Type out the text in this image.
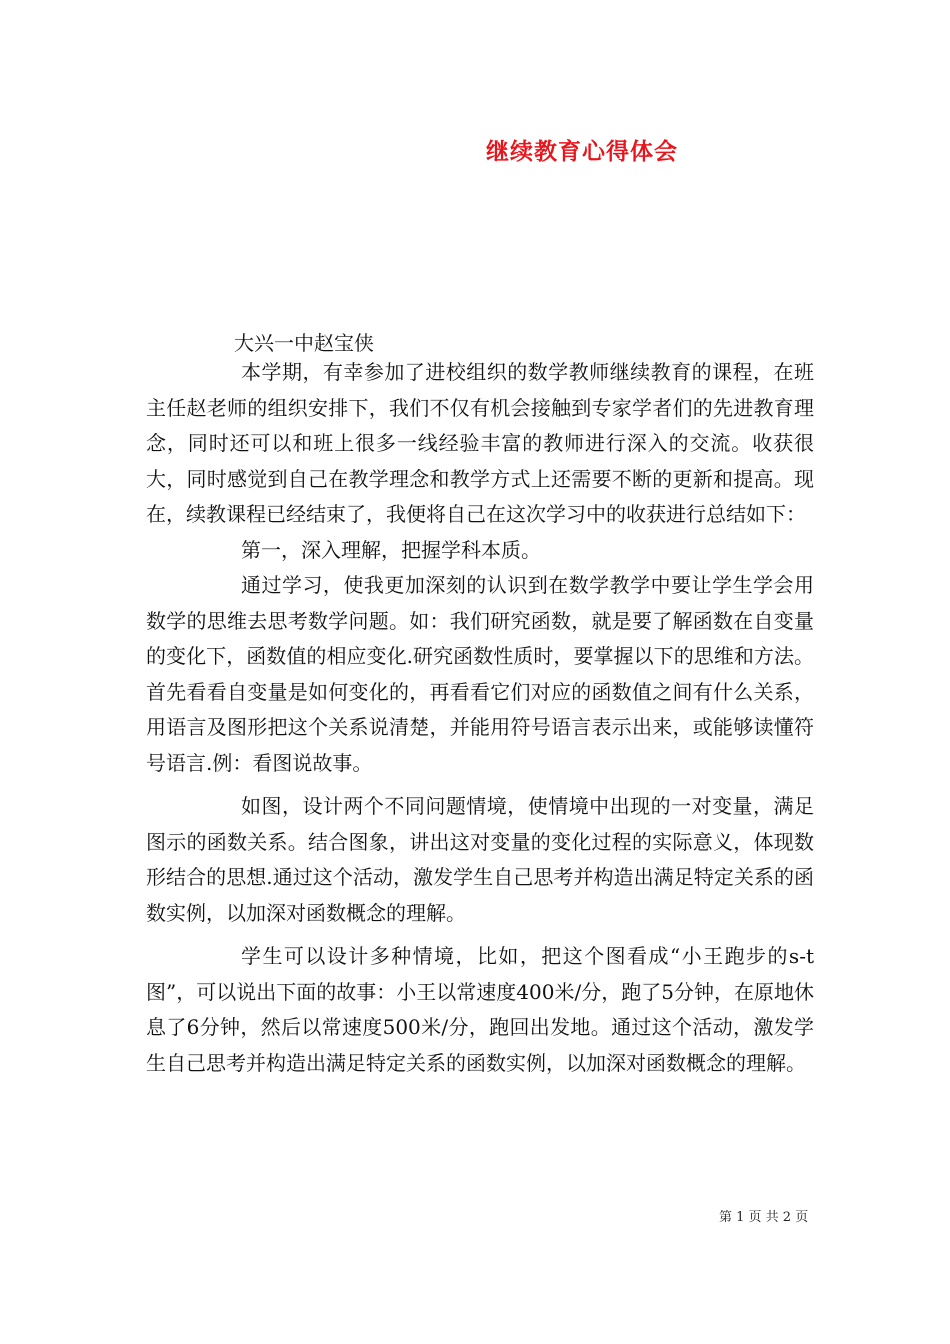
继续教育心得体会
大兴一中赵宝侠

本学期，有幸参加了进校组织的数学教师继续教育的课程，在班主任赵老师的组织安排下，我们不仅有机会接触到专家学者们的先进教育理念，同时还可以和班上很多一线经验丰富的教师进行深入的交流。收获很大，同时感觉到自己在教学理念和教学方式上还需要不断的更新和提高。现在，续教课程已经结束了，我便将自己在这次学习中的收获进行总结如下：

第一，深入理解，把握学科本质。

通过学习，使我更加深刻的认识到在数学教学中要让学生学会用数学的思维去思考数学问题。如：我们研究函数，就是要了解函数在自变量的变化下，函数值的相应变化.研究函数性质时，要掌握以下的思维和方法。首先看看自变量是如何变化的，再看看它们对应的函数值之间有什么关系，用语言及图形把这个关系说清楚，并能用符号语言表示出来，或能够读懂符号语言.例：看图说故事。

如图，设计两个不同问题情境，使情境中出现的一对变量，满足图示的函数关系。结合图象，讲出这对变量的变化过程的实际意义，体现数形结合的思想.通过这个活动，激发学生自己思考并构造出满足特定关系的函数实例，以加深对函数概念的理解。

学生可以设计多种情境，比如，把这个图看成“小王跑步的s-t图”，可以说出下面的故事：小王以常速度400米/分，跑了5分钟，在原地休息了6分钟，然后以常速度500米/分，跑回出发地。通过这个活动，激发学生自己思考并构造出满足特定关系的函数实例，以加深对函数概念的理解。

第 1 页 共 2 页
